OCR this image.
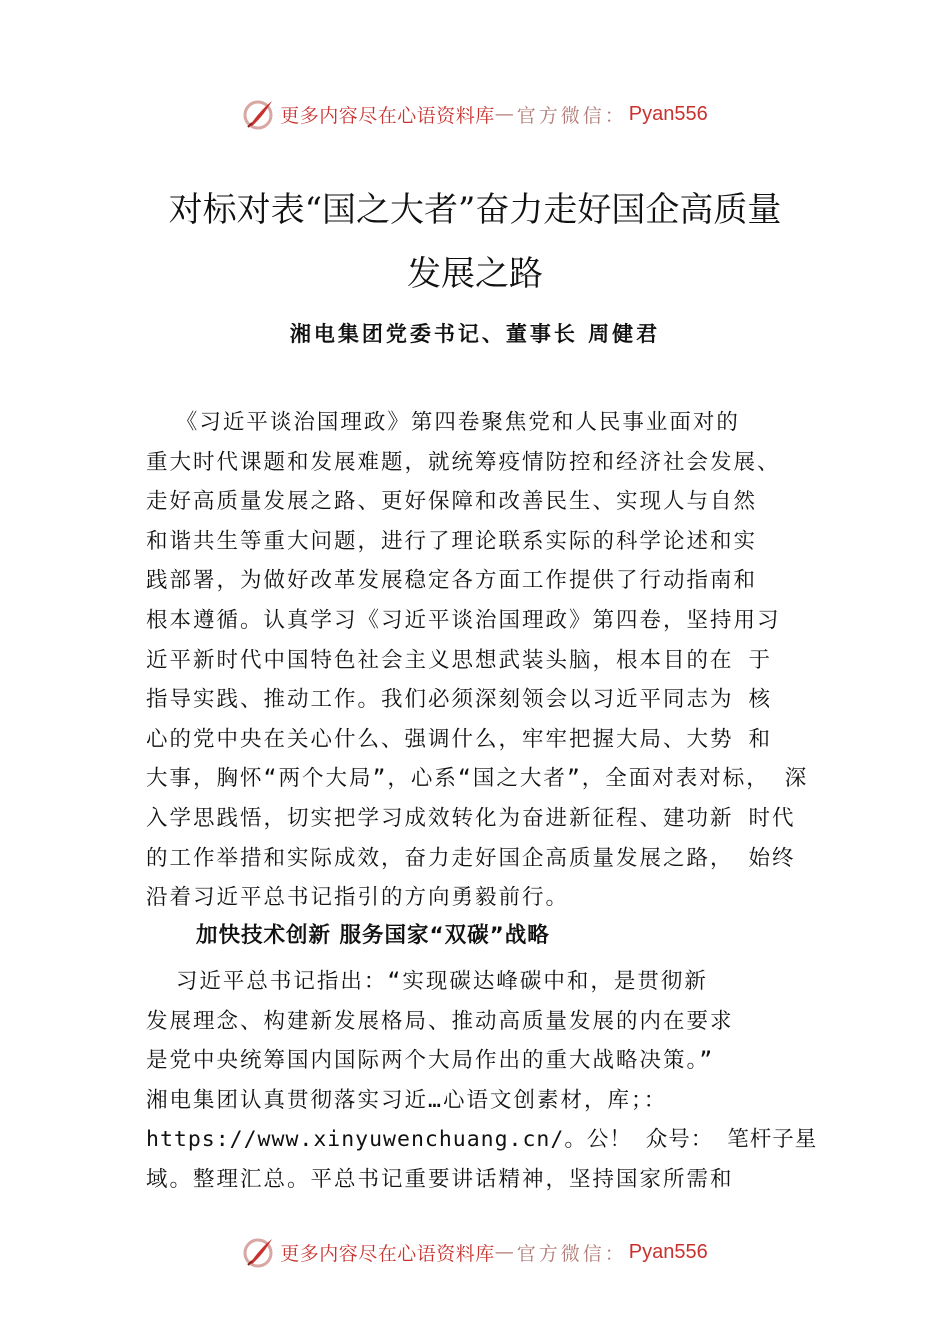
更多内容尽在心语资料库 — 官方微信： Pyan556
对标对表“国之大者”奋力走好国企高质量
发展之路
湘电集团党委书记、董事长 周健君
《习近平谈治国理政》第四卷聚焦党和人民事业面对的
重大时代课题和发展难题，就统筹疫情防控和经济社会发展、
走好高质量发展之路、更好保障和改善民生、实现人与自然
和谐共生等重大问题，进行了理论联系实际的科学论述和实
践部署，为做好改革发展稳定各方面工作提供了行动指南和
根本遵循。认真学习《习近平谈治国理政》第四卷，坚持用习
近平新时代中国特色社会主义思想武装头脑，根本目的在 于
指导实践、推动工作。我们必须深刻领会以习近平同志为 核
心的党中央在关心什么、强调什么，牢牢把握大局、大势 和
大事，胸怀“两个大局”，心系“国之大者”，全面对表对标， 深
入学思践悟，切实把学习成效转化为奋进新征程、建功新 时代
的工作举措和实际成效，奋力走好国企高质量发展之路， 始终
沿着习近平总书记指引的方向勇毅前行。
加快技术创新 服务国家“双碳”战略
习近平总书记指出：“实现碳达峰碳中和，是贯彻新
发展理念、构建新发展格局、推动高质量发展的内在要求
是党中央统筹国内国际两个大局作出的重大战略决策。”
湘电集团认真贯彻落实习近…心语文创素材，库；：
https://www.xinyuwenchuang.cn/。公！ 众号： 笔杆子星
域。整理汇总。平总书记重要讲话精神，坚持国家所需和
更多内容尽在心语资料库 — 官方微信： Pyan556
